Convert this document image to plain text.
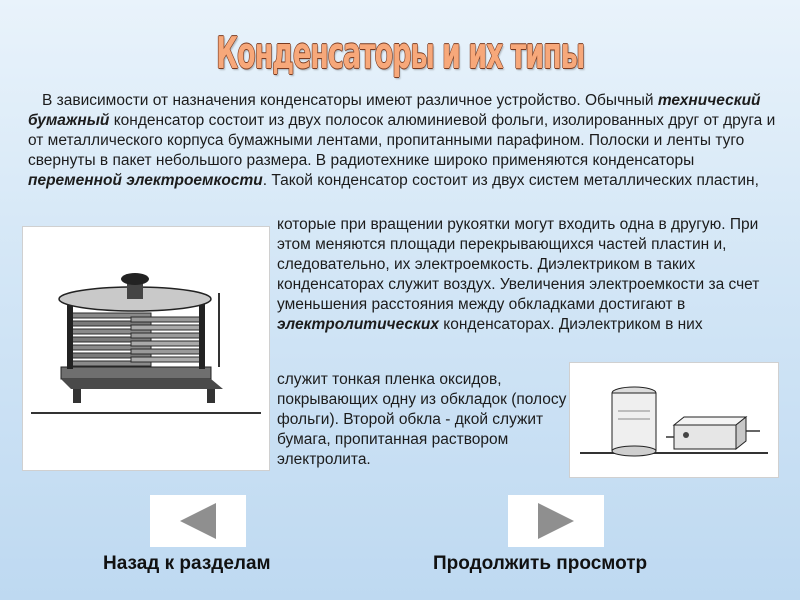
Конденсаторы и их типы
В зависимости от назначения конденсаторы имеют различное устройство. Обычный технический бумажный конденсатор состоит из двух полосок алюминиевой фольги, изолированных друг от друга и от металлического корпуса бумажными лентами, пропитанными парафином. Полоски и ленты туго свернуты в пакет небольшого размера. В радиотехнике широко применяются конденсаторы переменной электроемкости. Такой конденсатор состоит из двух систем металлических пластин,
которые при вращении рукоятки могут входить одна в другую. При этом меняются площади перекрывающихся частей пластин и, следовательно, их электроемкость. Диэлектриком в таких конденсаторах служит воздух. Увеличения электроемкости за счет уменьшения расстояния между обкладками достигают в электролитических конденсаторах. Диэлектриком в них
служит тонкая пленка оксидов, покрывающих одну из обкладок (полосу фольги). Второй обкла - дкой служит бумага, пропитанная раствором электролита.
Назад к разделам	Продолжить просмотр
